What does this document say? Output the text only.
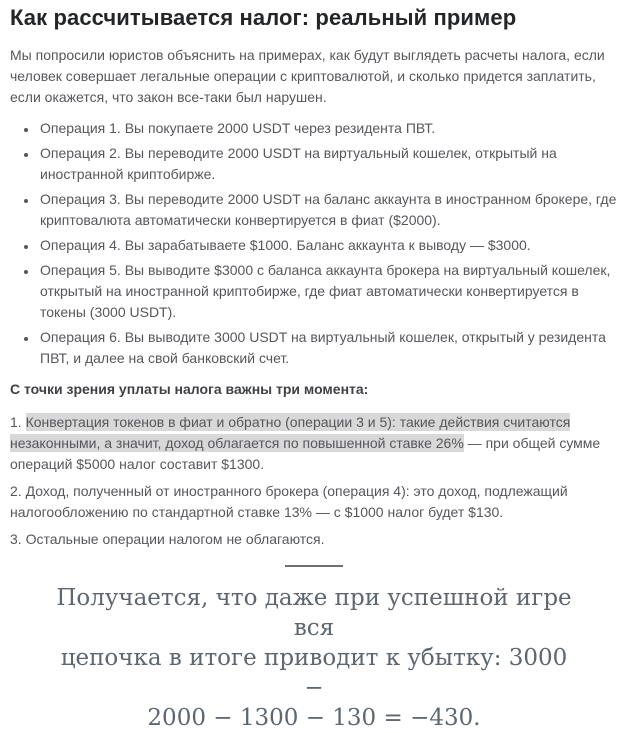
Как рассчитывается налог: реальный пример

Мы попросили юристов объяснить на примерах, как будут выглядеть расчеты налога, если человек совершает легальные операции с криптовалютой, и сколько придется заплатить, если окажется, что закон все-таки был нарушен.

• Операция 1. Вы покупаете 2000 USDT через резидента ПВТ.
• Операция 2. Вы переводите 2000 USDT на виртуальный кошелек, открытый на иностранной криптобирже.
• Операция 3. Вы переводите 2000 USDT на баланс аккаунта в иностранном брокере, где криптовалюта автоматически конвертируется в фиат ($2000).
• Операция 4. Вы зарабатываете $1000. Баланс аккаунта к выводу — $3000.
• Операция 5. Вы выводите $3000 с баланса аккаунта брокера на виртуальный кошелек, открытый на иностранной криптобирже, где фиат автоматически конвертируется в токены (3000 USDT).
• Операция 6. Вы выводите 3000 USDT на виртуальный кошелек, открытый у резидента ПВТ, и далее на свой банковский счет.

С точки зрения уплаты налога важны три момента:

1. Конвертация токенов в фиат и обратно (операции 3 и 5): такие действия считаются незаконными, а значит, доход облагается по повышенной ставке 26% — при общей сумме операций $5000 налог составит $1300.

2. Доход, полученный от иностранного брокера (операция 4): это доход, подлежащий налогообложению по стандартной ставке 13% — с $1000 налог будет $130.

3. Остальные операции налогом не облагаются.

Получается, что даже при успешной игре вся
цепочка в итоге приводит к убытку: 3000 −
2000 − 1300 − 130 = −430.
